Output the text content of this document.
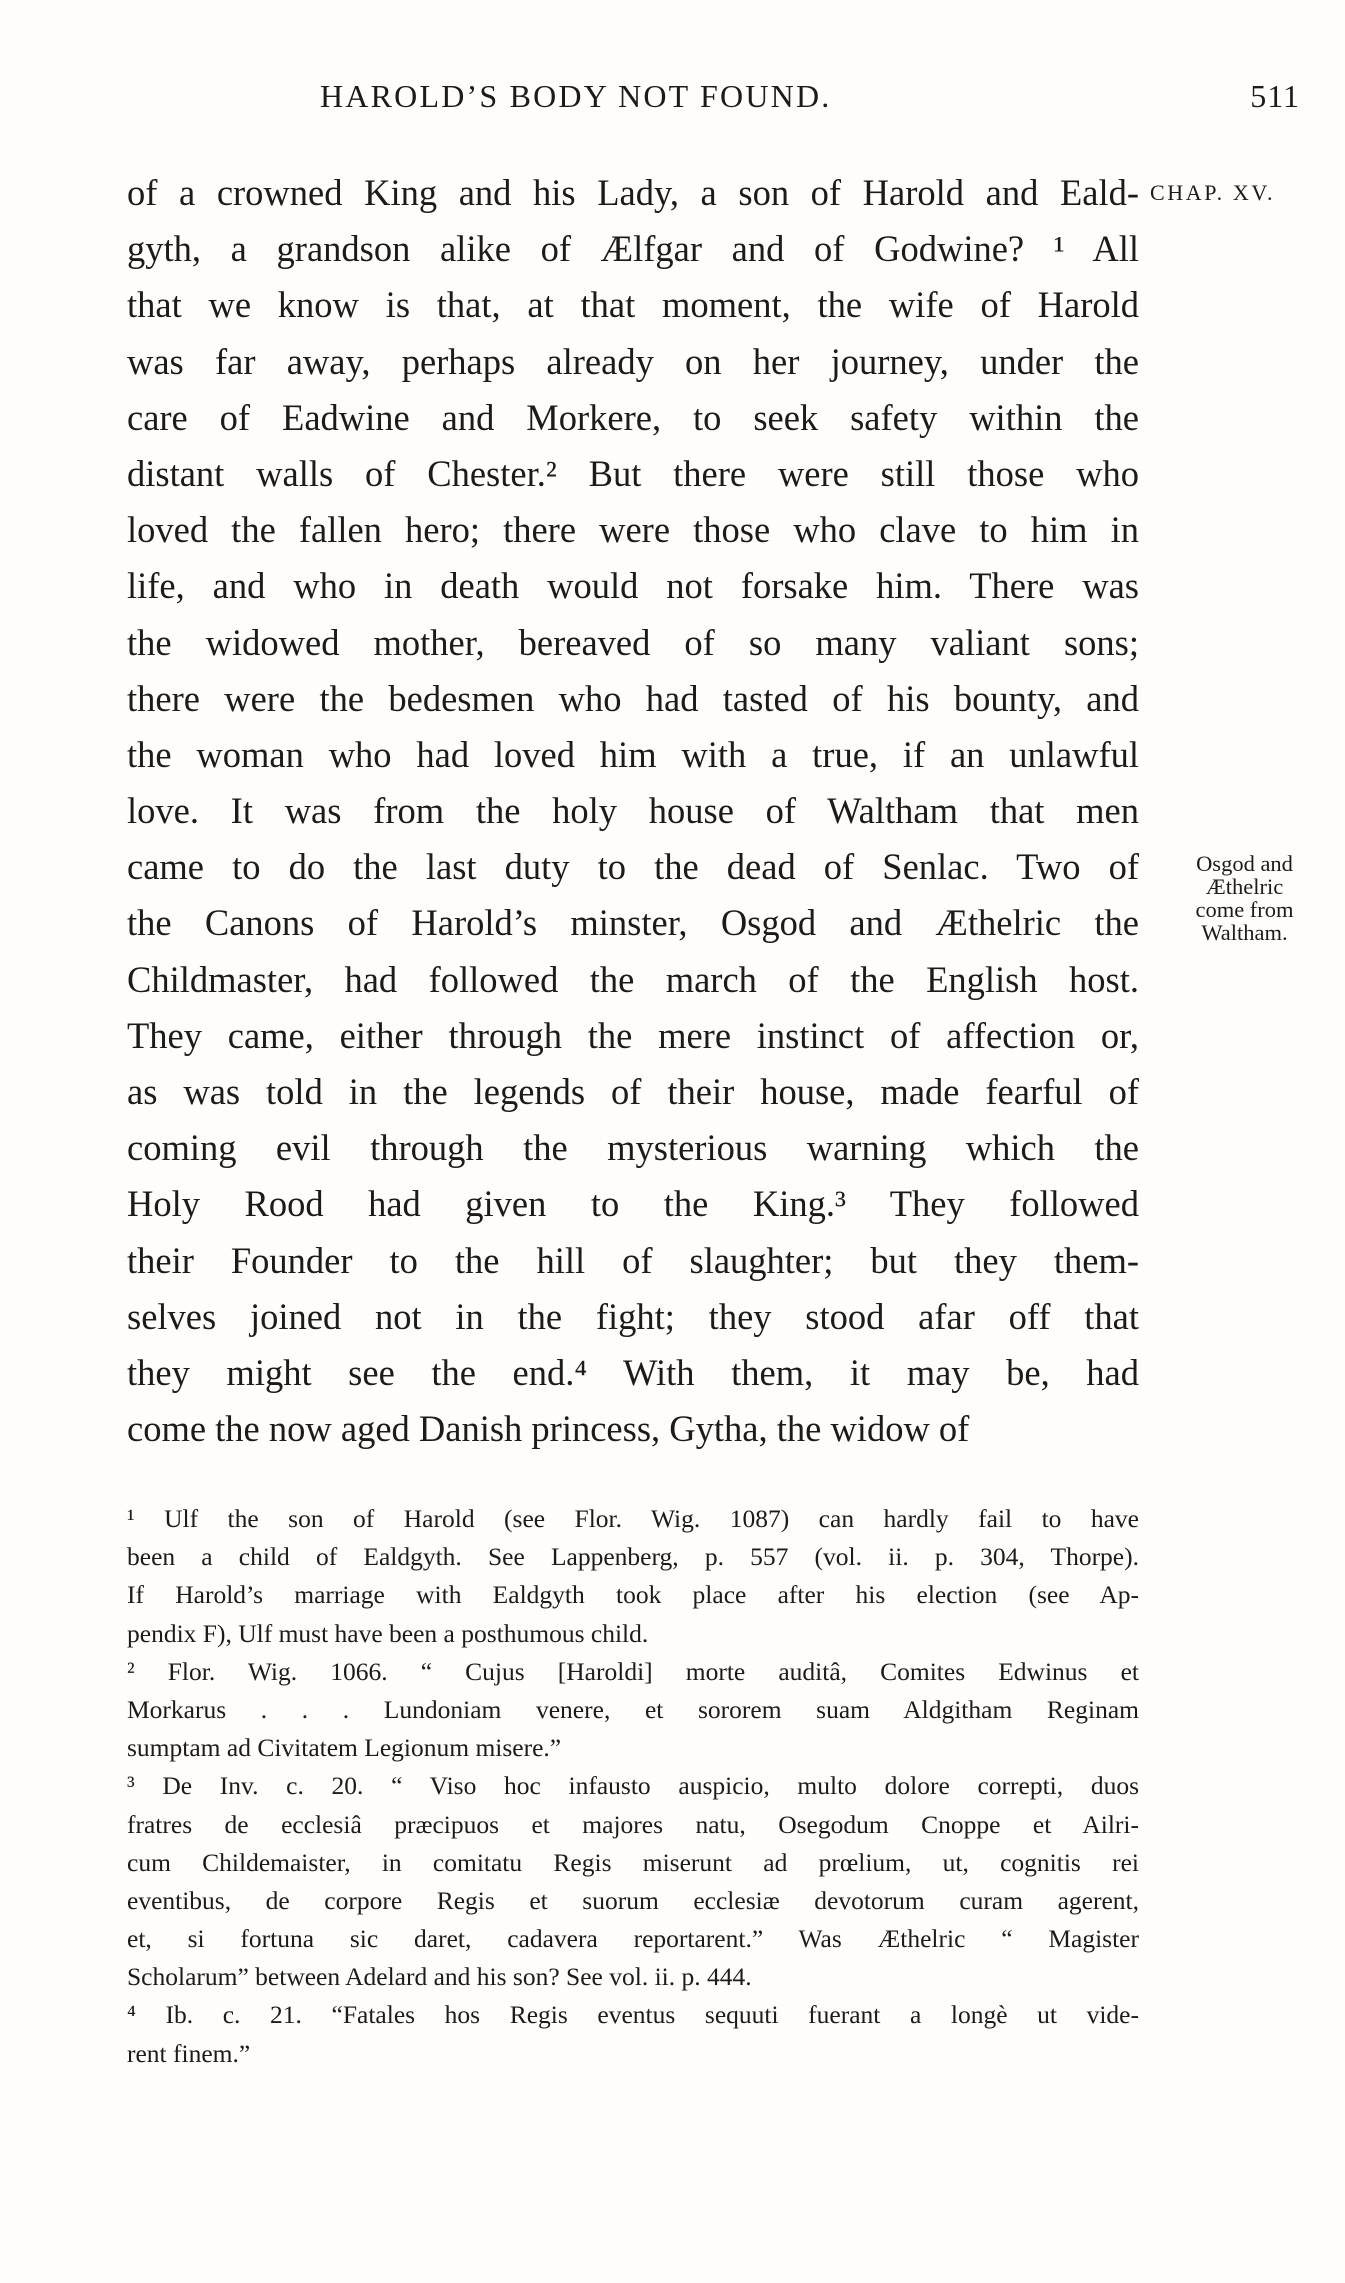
HAROLD’S BODY NOT FOUND.	511
of a crowned King and his Lady, a son of Harold and Eald-
gyth, a grandson alike of Ælfgar and of Godwine? ¹ All
that we know is that, at that moment, the wife of Harold
was far away, perhaps already on her journey, under the
care of Eadwine and Morkere, to seek safety within the
distant walls of Chester.² But there were still those who
loved the fallen hero; there were those who clave to him in
life, and who in death would not forsake him. There was
the widowed mother, bereaved of so many valiant sons;
there were the bedesmen who had tasted of his bounty, and
the woman who had loved him with a true, if an unlawful
love. It was from the holy house of Waltham that men
came to do the last duty to the dead of Senlac. Two of
the Canons of Harold’s minster, Osgod and Æthelric the
Childmaster, had followed the march of the English host.
They came, either through the mere instinct of affection or,
as was told in the legends of their house, made fearful of
coming evil through the mysterious warning which the
Holy Rood had given to the King.³ They followed
their Founder to the hill of slaughter; but they them-
selves joined not in the fight; they stood afar off that
they might see the end.⁴ With them, it may be, had
come the now aged Danish princess, Gytha, the widow of
CHAP. XV.
Osgod and
Æthelric
come from
Waltham.
¹ Ulf the son of Harold (see Flor. Wig. 1087) can hardly fail to have
been a child of Ealdgyth. See Lappenberg, p. 557 (vol. ii. p. 304, Thorpe).
If Harold’s marriage with Ealdgyth took place after his election (see Ap-
pendix F), Ulf must have been a posthumous child.
² Flor. Wig. 1066. “ Cujus [Haroldi] morte auditâ, Comites Edwinus et
Morkarus . . . Lundoniam venere, et sororem suam Aldgitham Reginam
sumptam ad Civitatem Legionum misere.”
³ De Inv. c. 20. “ Viso hoc infausto auspicio, multo dolore correpti, duos
fratres de ecclesiâ præcipuos et majores natu, Osegodum Cnoppe et Ailri-
cum Childemaister, in comitatu Regis miserunt ad prœlium, ut, cognitis rei
eventibus, de corpore Regis et suorum ecclesiæ devotorum curam agerent,
et, si fortuna sic daret, cadavera reportarent.” Was Æthelric “ Magister
Scholarum” between Adelard and his son? See vol. ii. p. 444.
⁴ Ib. c. 21. “Fatales hos Regis eventus sequuti fuerant a longè ut vide-
rent finem.”
